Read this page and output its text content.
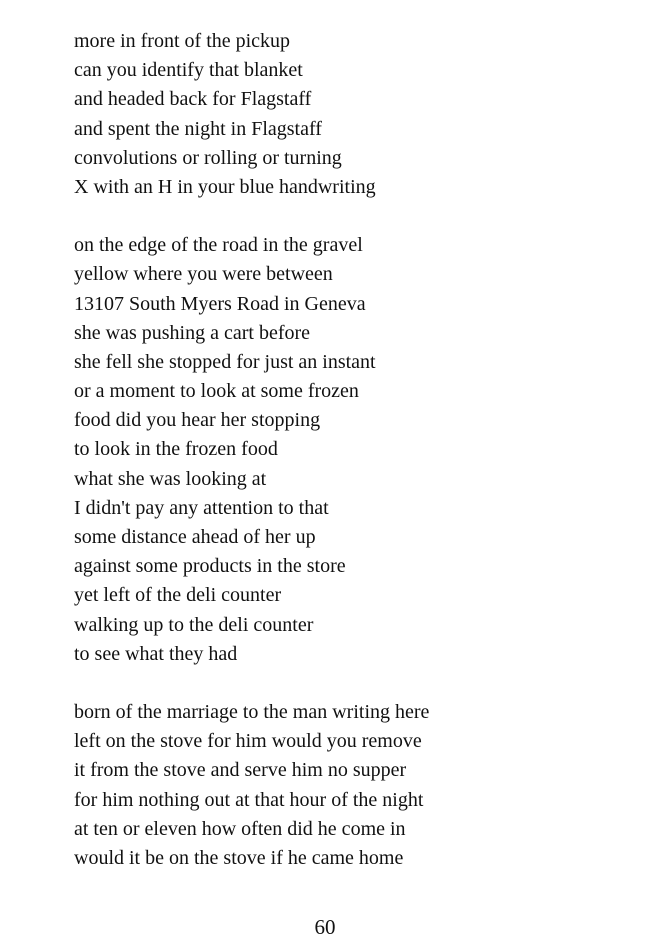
more in front of the pickup
can you identify that blanket
and headed back for Flagstaff
and spent the night in Flagstaff
convolutions or rolling or turning
X with an H in your blue handwriting
on the edge of the road in the gravel
yellow where you were between
13107 South Myers Road in Geneva
she was pushing a cart before
she fell she stopped for just an instant
or a moment to look at some frozen
food did you hear her stopping
to look in the frozen food
what she was looking at
I didn't pay any attention to that
some distance ahead of her up
against some products in the store
yet left of the deli counter
walking up to the deli counter
to see what they had
born of the marriage to the man writing here
left on the stove for him would you remove
it from the stove and serve him no supper
for him nothing out at that hour of the night
at ten or eleven how often did he come in
would it be on the stove if he came home
60
